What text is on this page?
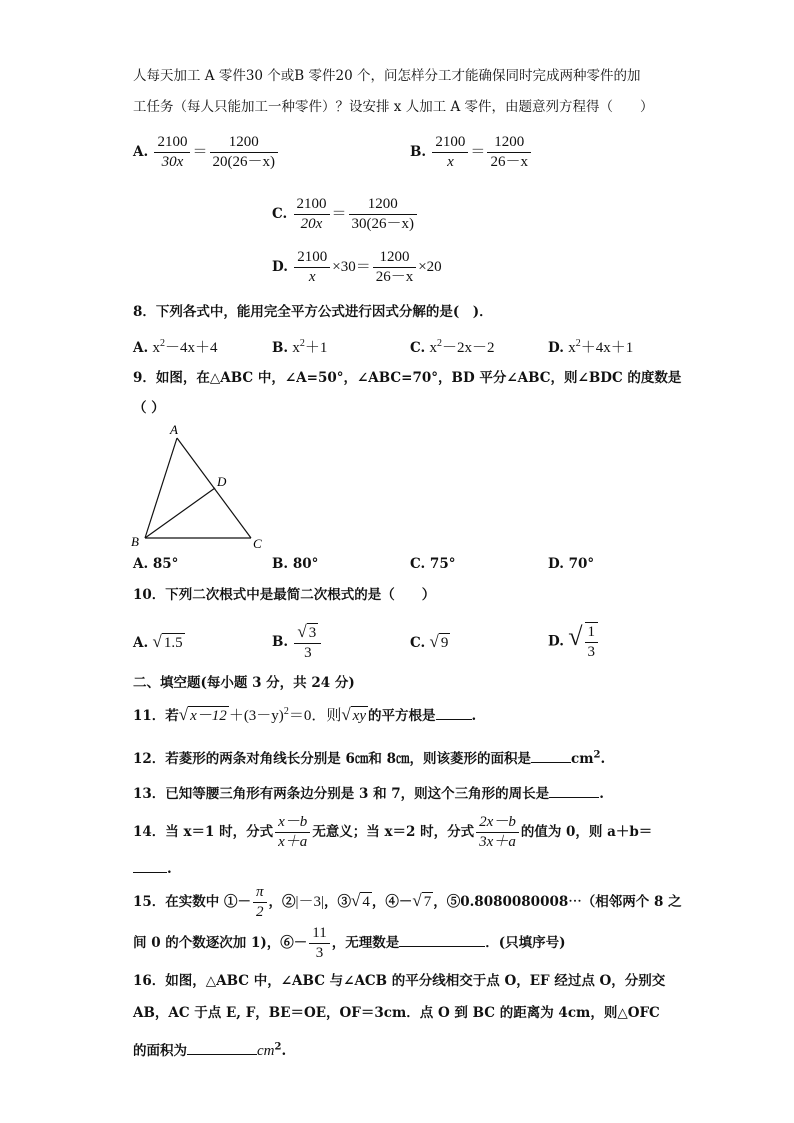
人每天加工 A 零件30 个或B 零件20 个，问怎样分工才能确保同时完成两种零件的加
工任务（每人只能加工一种零件）？设安排 x 人加工 A 零件，由题意列方程得（　　）
A. $\frac{2100}{30x} = \frac{1200}{20(26-x)}$	B. $\frac{2100}{x} = \frac{1200}{26-x}$
C. $\frac{2100}{20x} = \frac{1200}{30(26-x)}$
D. $\frac{2100}{x} \times 30= \frac{1200}{26-x} \times 20$
8．下列各式中，能用完全平方公式进行因式分解的是(　)．
A. $x^2-4x+4$	B. $x^2+1$	C. $x^2-2x-2$	D. $x^2+4x+1$
9．如图，在△ABC 中，∠A=50°，∠ABC=70°，BD 平分∠ABC，则∠BDC 的度数是
（ ）
A
B	C
D
A. 85°	B. 80°	C. 75°	D. 70°
10．下列二次根式中是最简二次根式的是（　　）
A. √ 1.5	B. $\frac{√ 3}{3}$	C. √ 9	D. √ $\frac{1}{3}$
二、填空题(每小题 3 分，共 24 分)
11．若√ $x-12 +(3-y)^2=0$．则√ xy 的平方根是	.
12．若菱形的两条对角线长分别是 6㎝和 8㎝，则该菱形的面积是	$cm^2$.
13．已知等腰三角形有两条边分别是 3 和 7，则这个三角形的周长是	.
14．当 x＝1 时，分式 $\frac{x-b}{x+a}$ 无意义；当 x＝2 时，分式 $\frac{2x-b}{3x+a}$ 的值为 0，则 a＋b＝
.
15．在实数中 ①－ $\frac{\pi}{2}$ ，②|－3|，③√ 4 ，④－√ 7 ，⑤0.8080080008⋯（相邻两个 8 之
间 0 的个数逐次加 1)，⑥－ $\frac{11}{3}$ ，无理数是	．(只填序号)
16．如图，△ABC 中，∠ABC 与∠ACB 的平分线相交于点 O，EF 经过点 O，分别交
AB，AC 于点 E, F，BE＝OE，OF＝3cm．点 O 到 BC 的距离为 4cm，则△OFC
的面积为	$cm^2$.
